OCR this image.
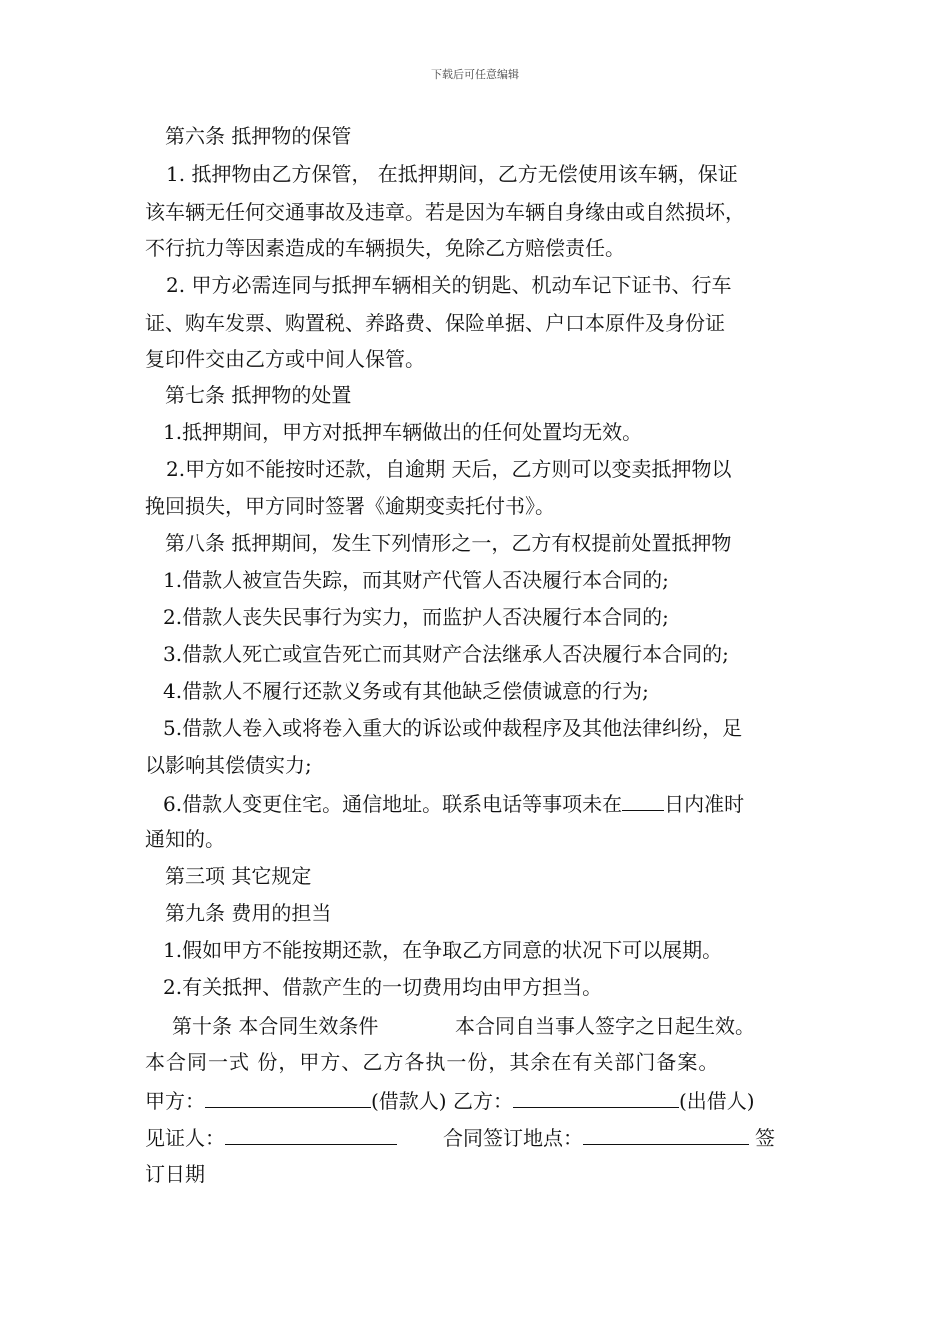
下载后可任意编辑
第六条 抵押物的保管
1. 抵押物由乙方保管， 在抵押期间，乙方无偿使用该车辆，保证
该车辆无任何交通事故及违章。若是因为车辆自身缘由或自然损坏，
不行抗力等因素造成的车辆损失，免除乙方赔偿责任。
2. 甲方必需连同与抵押车辆相关的钥匙、机动车记下证书、行车
证、购车发票、购置税、养路费、保险单据、户口本原件及身份证
复印件交由乙方或中间人保管。
第七条 抵押物的处置
1.抵押期间，甲方对抵押车辆做出的任何处置均无效。
2.甲方如不能按时还款，自逾期 天后，乙方则可以变卖抵押物以
挽回损失，甲方同时签署《逾期变卖托付书》。
第八条 抵押期间，发生下列情形之一，乙方有权提前处置抵押物
1.借款人被宣告失踪，而其财产代管人否决履行本合同的;
2.借款人丧失民事行为实力，而监护人否决履行本合同的;
3.借款人死亡或宣告死亡而其财产合法继承人否决履行本合同的;
4.借款人不履行还款义务或有其他缺乏偿债诚意的行为;
5.借款人卷入或将卷入重大的诉讼或仲裁程序及其他法律纠纷，足
以影响其偿债实力;
6.借款人变更住宅。通信地址。联系电话等事项未在 日内准时
通知的。
第三项 其它规定
第九条 费用的担当
1.假如甲方不能按期还款，在争取乙方同意的状况下可以展期。
2.有关抵押、借款产生的一切费用均由甲方担当。
第十条 本合同生效条件	本合同自当事人签字之日起生效。
本合同一式 份，甲方、乙方各执一份，其余在有关部门备案。
甲方：	(借款人) 乙方：	(出借人)
见证人：	合同签订地点：	签
订日期
